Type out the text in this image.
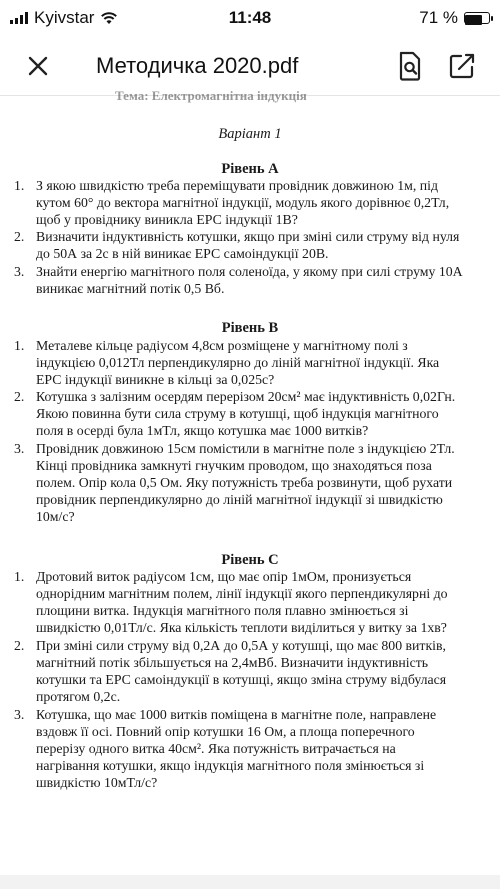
Kyivstar	11:48	71 %
Методичка 2020.pdf
Тема: Електромагнітна індукція
Варіант 1
Рівень А
1. З якою швидкістю треба переміщувати провідник довжиною 1м, під
кутом 60° до вектора магнітної індукції, модуль якого дорівнює 0,2Тл,
щоб у провіднику виникла ЕРС індукції 1В?
2. Визначити індуктивність котушки, якщо при зміні сили струму від нуля
до 50А за 2с в ній виникає ЕРС самоіндукції 20В.
3. Знайти енергію магнітного поля соленоїда, у якому при силі струму 10А
виникає магнітний потік 0,5 Вб.
Рівень В
1. Металеве кільце радіусом 4,8см розміщене у магнітному полі з
індукцією 0,012Тл перпендикулярно до ліній магнітної індукції. Яка
ЕРС індукції виникне в кільці за 0,025с?
2. Котушка з залізним осердям перерізом 20см² має індуктивність 0,02Гн.
Якою повинна бути сила струму в котушці, щоб індукція магнітного
поля в осерді була 1мТл, якщо котушка має 1000 витків?
3. Провідник довжиною 15см помістили в магнітне поле з індукцією 2Тл.
Кінці провідника замкнуті гнучким проводом, що знаходяться поза
полем. Опір кола 0,5 Ом. Яку потужність треба розвинути, щоб рухати
провідник перпендикулярно до ліній магнітної індукції зі швидкістю
10м/с?
Рівень С
1. Дротовий виток радіусом 1см, що має опір 1мОм, пронизується
однорідним магнітним полем, лінії індукції якого перпендикулярні до
площини витка. Індукція магнітного поля плавно змінюється зі
швидкістю 0,01Тл/с. Яка кількість теплоти виділиться у витку за 1хв?
2. При зміні сили струму від 0,2А до 0,5А у котушці, що має 800 витків,
магнітний потік збільшується на 2,4мВб. Визначити індуктивність
котушки та ЕРС самоіндукції в котушці, якщо зміна струму відбулася
протягом 0,2с.
3. Котушка, що має 1000 витків поміщена в магнітне поле, направлене
вздовж її осі. Повний опір котушки 16 Ом, а площа поперечного
перерізу одного витка 40см². Яка потужність витрачається на
нагрівання котушки, якщо індукція магнітного поля змінюється зі
швидкістю 10мТл/с?
